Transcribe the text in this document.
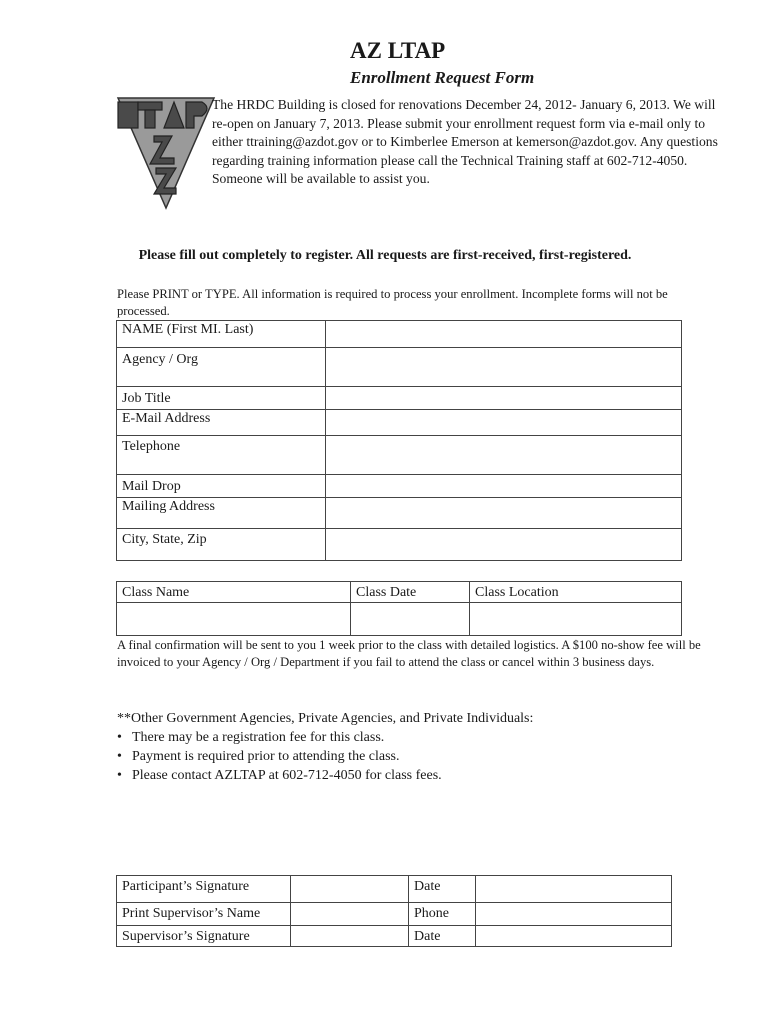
AZ LTAP
Enrollment Request Form
The HRDC Building is closed for renovations December 24, 2012- January 6, 2013. We will re-open on January 7, 2013. Please submit your enrollment request form via e-mail only to either ttraining@azdot.gov or to Kimberlee Emerson at kemerson@azdot.gov. Any questions regarding training information please call the Technical Training staff at 602-712-4050. Someone will be available to assist you.
Please fill out completely to register. All requests are first-received, first-registered.
Please PRINT or TYPE. All information is required to process your enrollment. Incomplete forms will not be processed.
NAME (First MI. Last)	
Agency / Org	
Job Title	
E-Mail Address	
Telephone	
Mail Drop	
Mailing Address	
City, State, Zip	
Class Name	Class Date	Class Location

A final confirmation will be sent to you 1 week prior to the class with detailed logistics. A $100 no-show fee will be invoiced to your Agency / Org / Department if you fail to attend the class or cancel within 3 business days.
**Other Government Agencies, Private Agencies, and Private Individuals:
• There may be a registration fee for this class.
• Payment is required prior to attending the class.
• Please contact AZLTAP at 602-712-4050 for class fees.
Participant’s Signature		Date	
Print Supervisor’s Name		Phone	
Supervisor’s Signature		Date	
